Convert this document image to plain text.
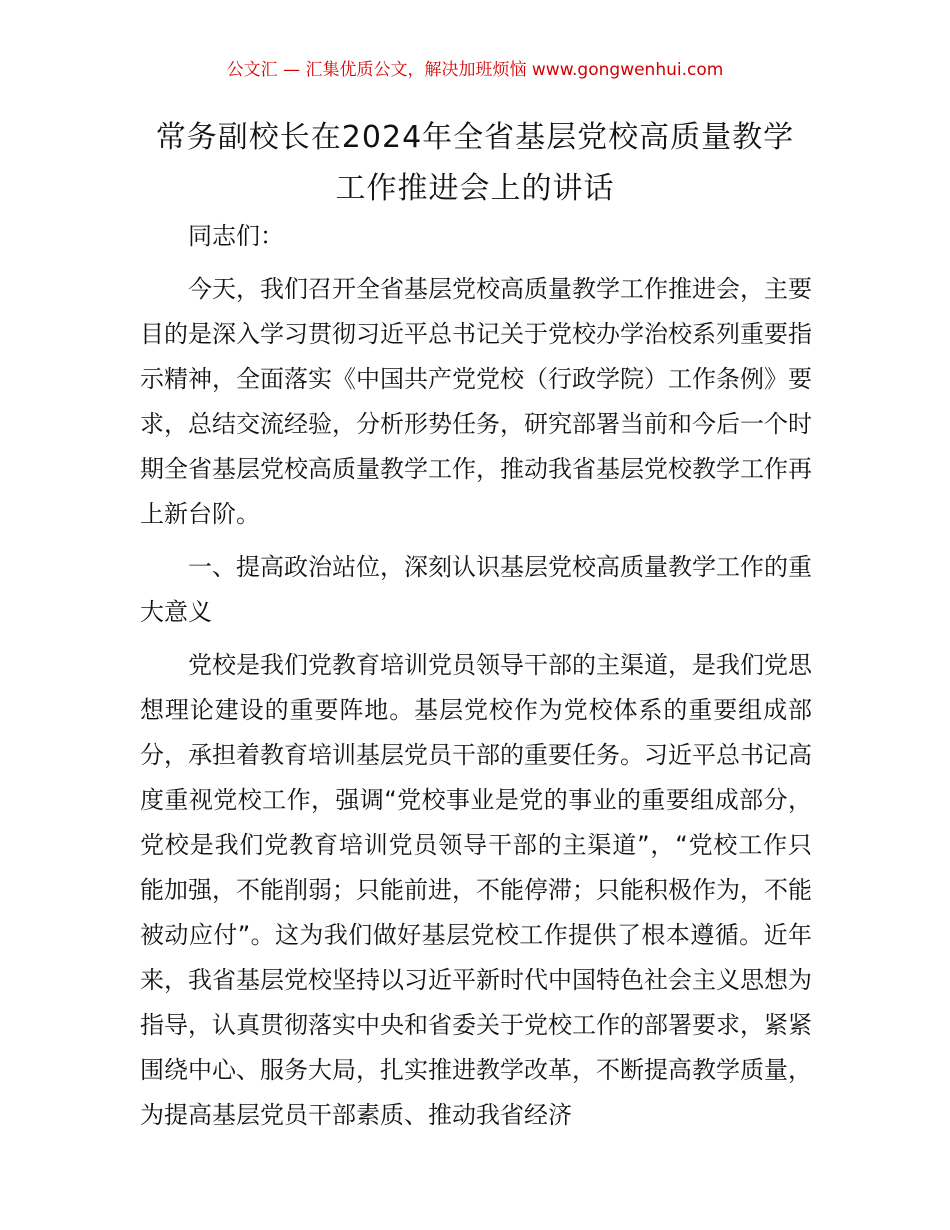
公文汇 — 汇集优质公文，解决加班烦恼 www.gongwenhui.com
常务副校长在2024年全省基层党校高质量教学
工作推进会上的讲话

同志们：

今天，我们召开全省基层党校高质量教学工作推进会，主要目的是深入学习贯彻习近平总书记关于党校办学治校系列重要指示精神，全面落实《中国共产党党校（行政学院）工作条例》要求，总结交流经验，分析形势任务，研究部署当前和今后一个时期全省基层党校高质量教学工作，推动我省基层党校教学工作再上新台阶。

一、提高政治站位，深刻认识基层党校高质量教学工作的重大意义

党校是我们党教育培训党员领导干部的主渠道，是我们党思想理论建设的重要阵地。基层党校作为党校体系的重要组成部分，承担着教育培训基层党员干部的重要任务。习近平总书记高度重视党校工作，强调“党校事业是党的事业的重要组成部分，党校是我们党教育培训党员领导干部的主渠道”，“党校工作只能加强，不能削弱；只能前进，不能停滞；只能积极作为，不能被动应付”。这为我们做好基层党校工作提供了根本遵循。近年来，我省基层党校坚持以习近平新时代中国特色社会主义思想为指导，认真贯彻落实中央和省委关于党校工作的部署要求，紧紧围绕中心、服务大局，扎实推进教学改革，不断提高教学质量，为提高基层党员干部素质、推动我省经济
